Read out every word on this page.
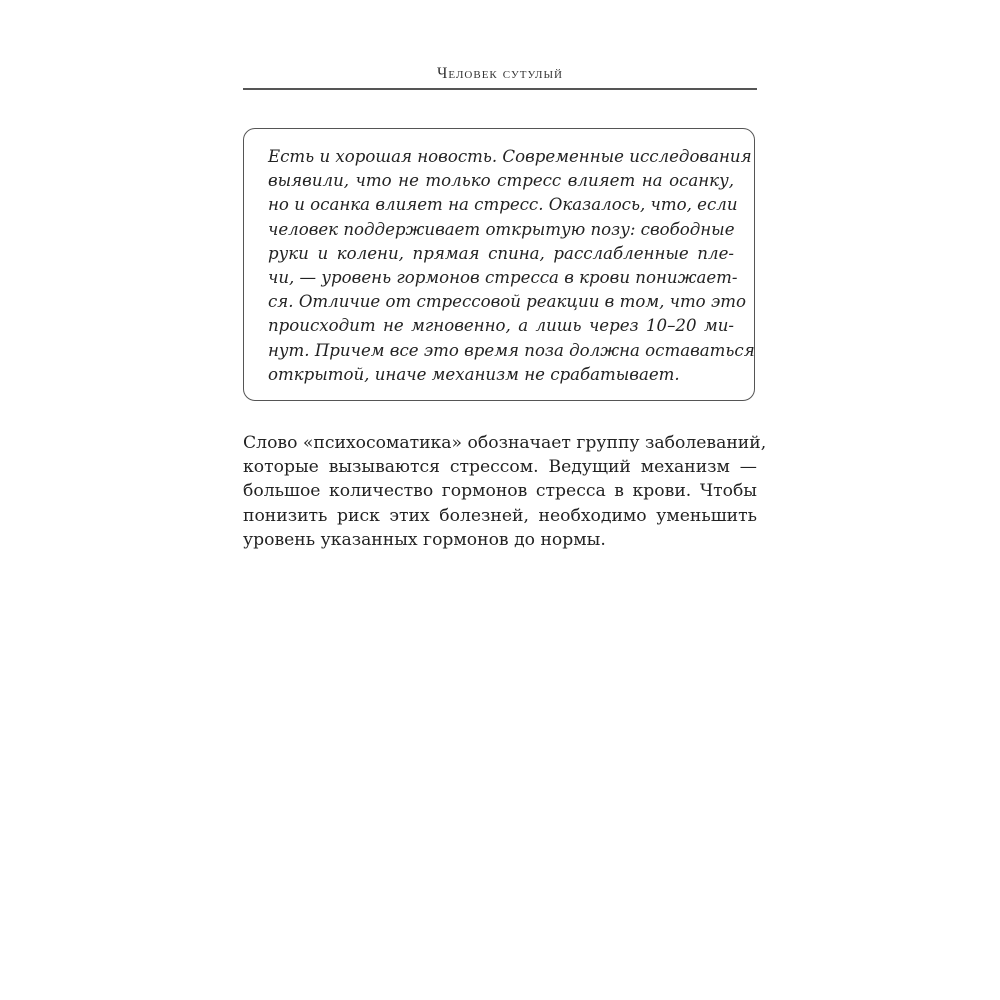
Человек сутулый
Есть и хорошая новость. Современные исследования
выявили, что не только стресс влияет на осанку,
но и осанка влияет на стресс. Оказалось, что, если
человек поддерживает открытую позу: свободные
руки и колени, прямая спина, расслабленные пле-
чи, — уровень гормонов стресса в крови понижает-
ся. Отличие от стрессовой реакции в том, что это
происходит не мгновенно, а лишь через 10–20 ми-
нут. Причем все это время поза должна оставаться
открытой, иначе механизм не срабатывает.
Слово «психосоматика» обозначает группу заболеваний,
которые вызываются стрессом. Ведущий механизм —
большое количество гормонов стресса в крови. Чтобы
понизить риск этих болезней, необходимо уменьшить
уровень указанных гормонов до нормы.
